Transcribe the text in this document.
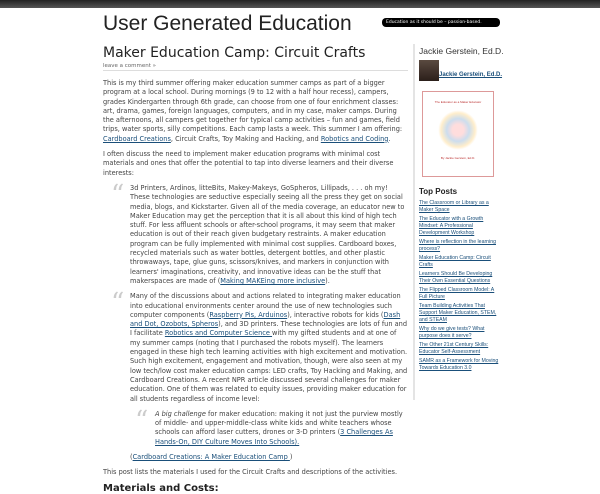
User Generated Education	Education as it should be – passion-based.
Maker Education Camp: Circuit Crafts
leave a comment »

This is my third summer offering maker education summer camps as part of a bigger program at a local school. During mornings (9 to 12 with a half hour recess), campers, grades Kindergarten through 6th grade, can choose from one of four enrichment classes: art, drama, games, foreign languages, computers, and in my case, maker camps. During the afternoons, all campers get together for typical camp activities – fun and games, field trips, water sports, silly competitions. Each camp lasts a week. This summer I am offering: Cardboard Creations, Circuit Crafts, Toy Making and Hacking, and Robotics and Coding.

I often discuss the need to implement maker education programs with minimal cost materials and ones that offer the potential to tap into diverse learners and their diverse interests:

“ 3d Printers, Ardinos, litteBits, Makey-Makeys, GoSpheros, Lillipads, . . . oh my! These technologies are seductive especially seeing all the press they get on social media, blogs, and Kickstarter. Given all of the media coverage, an educator new to Maker Education may get the perception that it is all about this kind of high tech stuff. For less affluent schools or after-school programs, it may seem that maker education is out of their reach given budgetary restraints. A maker education program can be fully implemented with minimal cost supplies. Cardboard boxes, recycled materials such as water bottles, detergent bottles, and other plastic throwaways, tape, glue guns, scissors/knives, and markers in conjunction with learners' imaginations, creativity, and innovative ideas can be the stuff that makerspaces are made of (Making MAKEing more inclusive).
“ Many of the discussions about and actions related to integrating maker education into educational environments center around the use of new technologies such computer components (Raspberry Pis, Arduinos), interactive robots for kids (Dash and Dot, Ozobots, Spheros), and 3D printers. These technologies are lots of fun and I facilitate Robotics and Computer Science with my gifted students and at one of my summer camps (noting that I purchased the robots myself). The learners engaged in these high tech learning activities with high excitement and motivation. Such high excitement, engagement and motivation, though, were also seen at my low tech/low cost maker education camps: LED crafts, Toy Hacking and Making, and Cardboard Creations. A recent NPR article discussed several challenges for maker education. One of them was related to equity issues, providing maker education for all students regardless of income level:
“ A big challenge for maker education: making it not just the purview mostly of middle- and upper-middle-class white kids and white teachers whose schools can afford laser cutters, drones or 3-D printers (3 Challenges As Hands-On, DIY Culture Moves Into Schools).

(Cardboard Creations: A Maker Education Camp )

This post lists the materials I used for the Circuit Crafts and descriptions of the activities.

Materials and Costs:
Jackie Gerstein, Ed.D.
Jackie Gerstein, Ed.D.
The Educator as a Maker Educator
By Jackie Gerstein, Ed.D.
Top Posts
The Classroom or Library as a Maker Space
The Educator with a Growth Mindset: A Professional Development Workshop
Where is reflection in the learning process?
Maker Education Camp: Circuit Crafts
Learners Should Be Developing Their Own Essential Questions
The Flipped Classroom Model: A Full Picture
Team Building Activities That Support Maker Education, STEM, and STEAM
Why do we give tests? What purpose does it serve?
The Other 21st Century Skills: Educator Self-Assessment
SAMR as a Framework for Moving Towards Education 3.0
